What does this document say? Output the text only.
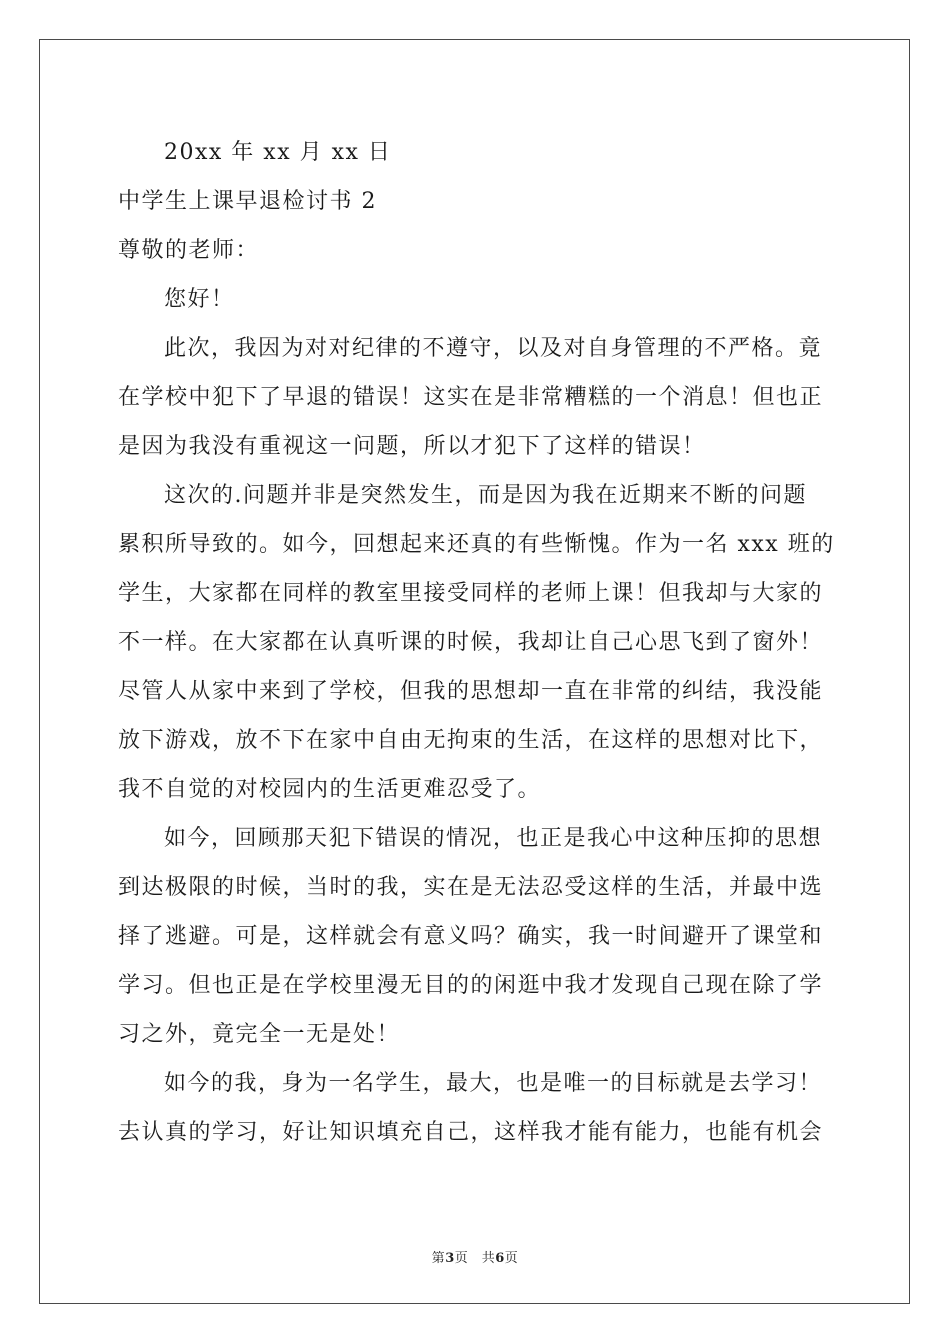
20xx 年 xx 月 xx 日
中学生上课早退检讨书 2
尊敬的老师：
您好！
此次，我因为对对纪律的不遵守，以及对自身管理的不严格。竟
在学校中犯下了早退的错误！这实在是非常糟糕的一个消息！但也正
是因为我没有重视这一问题，所以才犯下了这样的错误！
这次的.问题并非是突然发生，而是因为我在近期来不断的问题
累积所导致的。如今，回想起来还真的有些惭愧。作为一名 xxx 班的
学生，大家都在同样的教室里接受同样的老师上课！但我却与大家的
不一样。在大家都在认真听课的时候，我却让自己心思飞到了窗外！
尽管人从家中来到了学校，但我的思想却一直在非常的纠结，我没能
放下游戏，放不下在家中自由无拘束的生活，在这样的思想对比下，
我不自觉的对校园内的生活更难忍受了。
如今，回顾那天犯下错误的情况，也正是我心中这种压抑的思想
到达极限的时候，当时的我，实在是无法忍受这样的生活，并最中选
择了逃避。可是，这样就会有意义吗？确实，我一时间避开了课堂和
学习。但也正是在学校里漫无目的的闲逛中我才发现自己现在除了学
习之外，竟完全一无是处！
如今的我，身为一名学生，最大，也是唯一的目标就是去学习！
去认真的学习，好让知识填充自己，这样我才能有能力，也能有机会
第3页　共6页
